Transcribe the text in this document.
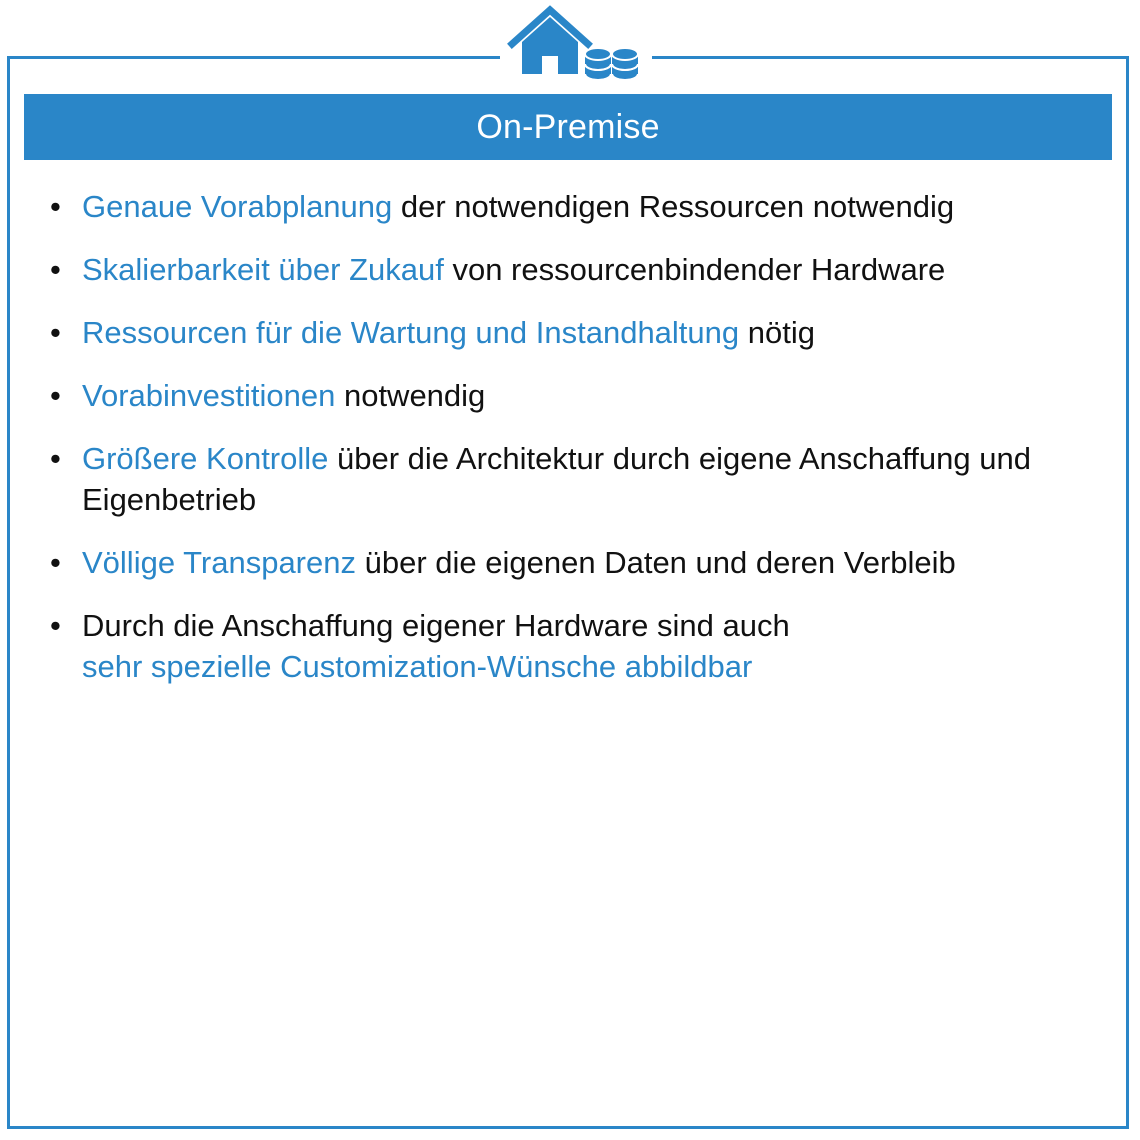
On-Premise
• Genaue Vorabplanung der notwendigen Ressourcen notwendig
• Skalierbarkeit über Zukauf von ressourcenbindender Hardware
• Ressourcen für die Wartung und Instandhaltung nötig
• Vorabinvestitionen notwendig
• Größere Kontrolle über die Architektur durch eigene Anschaffung und Eigenbetrieb
• Völlige Transparenz über die eigenen Daten und deren Verbleib
• Durch die Anschaffung eigener Hardware sind auch
sehr spezielle Customization-Wünsche abbildbar
